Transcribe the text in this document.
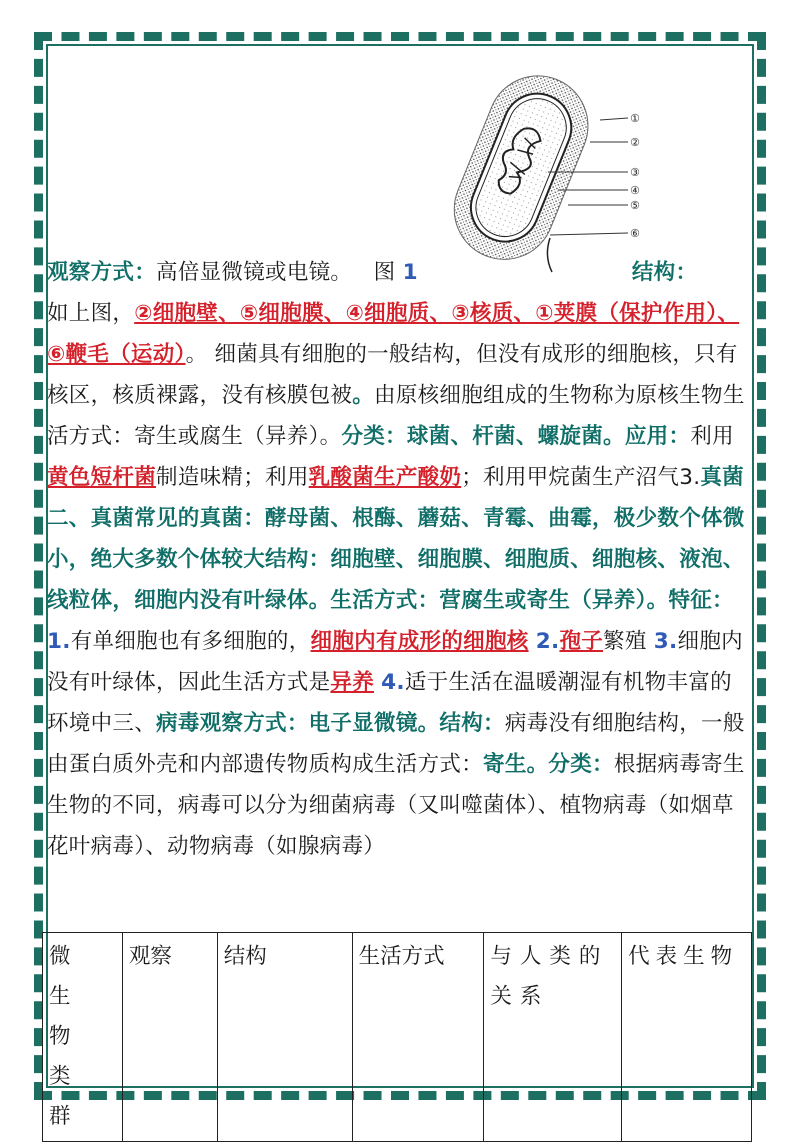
①
②
③
④
⑤
⑥

观察方式：高倍显微镜或电镜。 图 1	结构：

如上图，②细胞壁、⑤细胞膜、④细胞质、③核质、①荚膜（保护作用）、⑥鞭毛（运动）。 细菌具有细胞的一般结构，但没有成形的细胞核，只有核区，核质裸露，没有核膜包被。由原核细胞组成的生物称为原核生物生活方式：寄生或腐生（异养）。分类：球菌、杆菌、螺旋菌。应用：利用黄色短杆菌制造味精；利用乳酸菌生产酸奶；利用甲烷菌生产沼气3.真菌二、真菌常见的真菌：酵母菌、根酶、蘑菇、青霉、曲霉，极少数个体微小，绝大多数个体较大结构：细胞壁、细胞膜、细胞质、细胞核、液泡、线粒体，细胞内没有叶绿体。生活方式：营腐生或寄生（异养）。特征：1.有单细胞也有多细胞的，细胞内有成形的细胞核 2.孢子繁殖 3.细胞内没有叶绿体，因此生活方式是异养 4.适于生活在温暖潮湿有机物丰富的环境中三、病毒观察方式：电子显微镜。结构：病毒没有细胞结构，一般由蛋白质外壳和内部遗传物质构成生活方式：寄生。分类：根据病毒寄生生物的不同，病毒可以分为细菌病毒（又叫噬菌体）、植物病毒（如烟草花叶病毒）、动物病毒（如腺病毒）

微生物类群	观察	结构	生活方式	与人类的关系	代表生物
